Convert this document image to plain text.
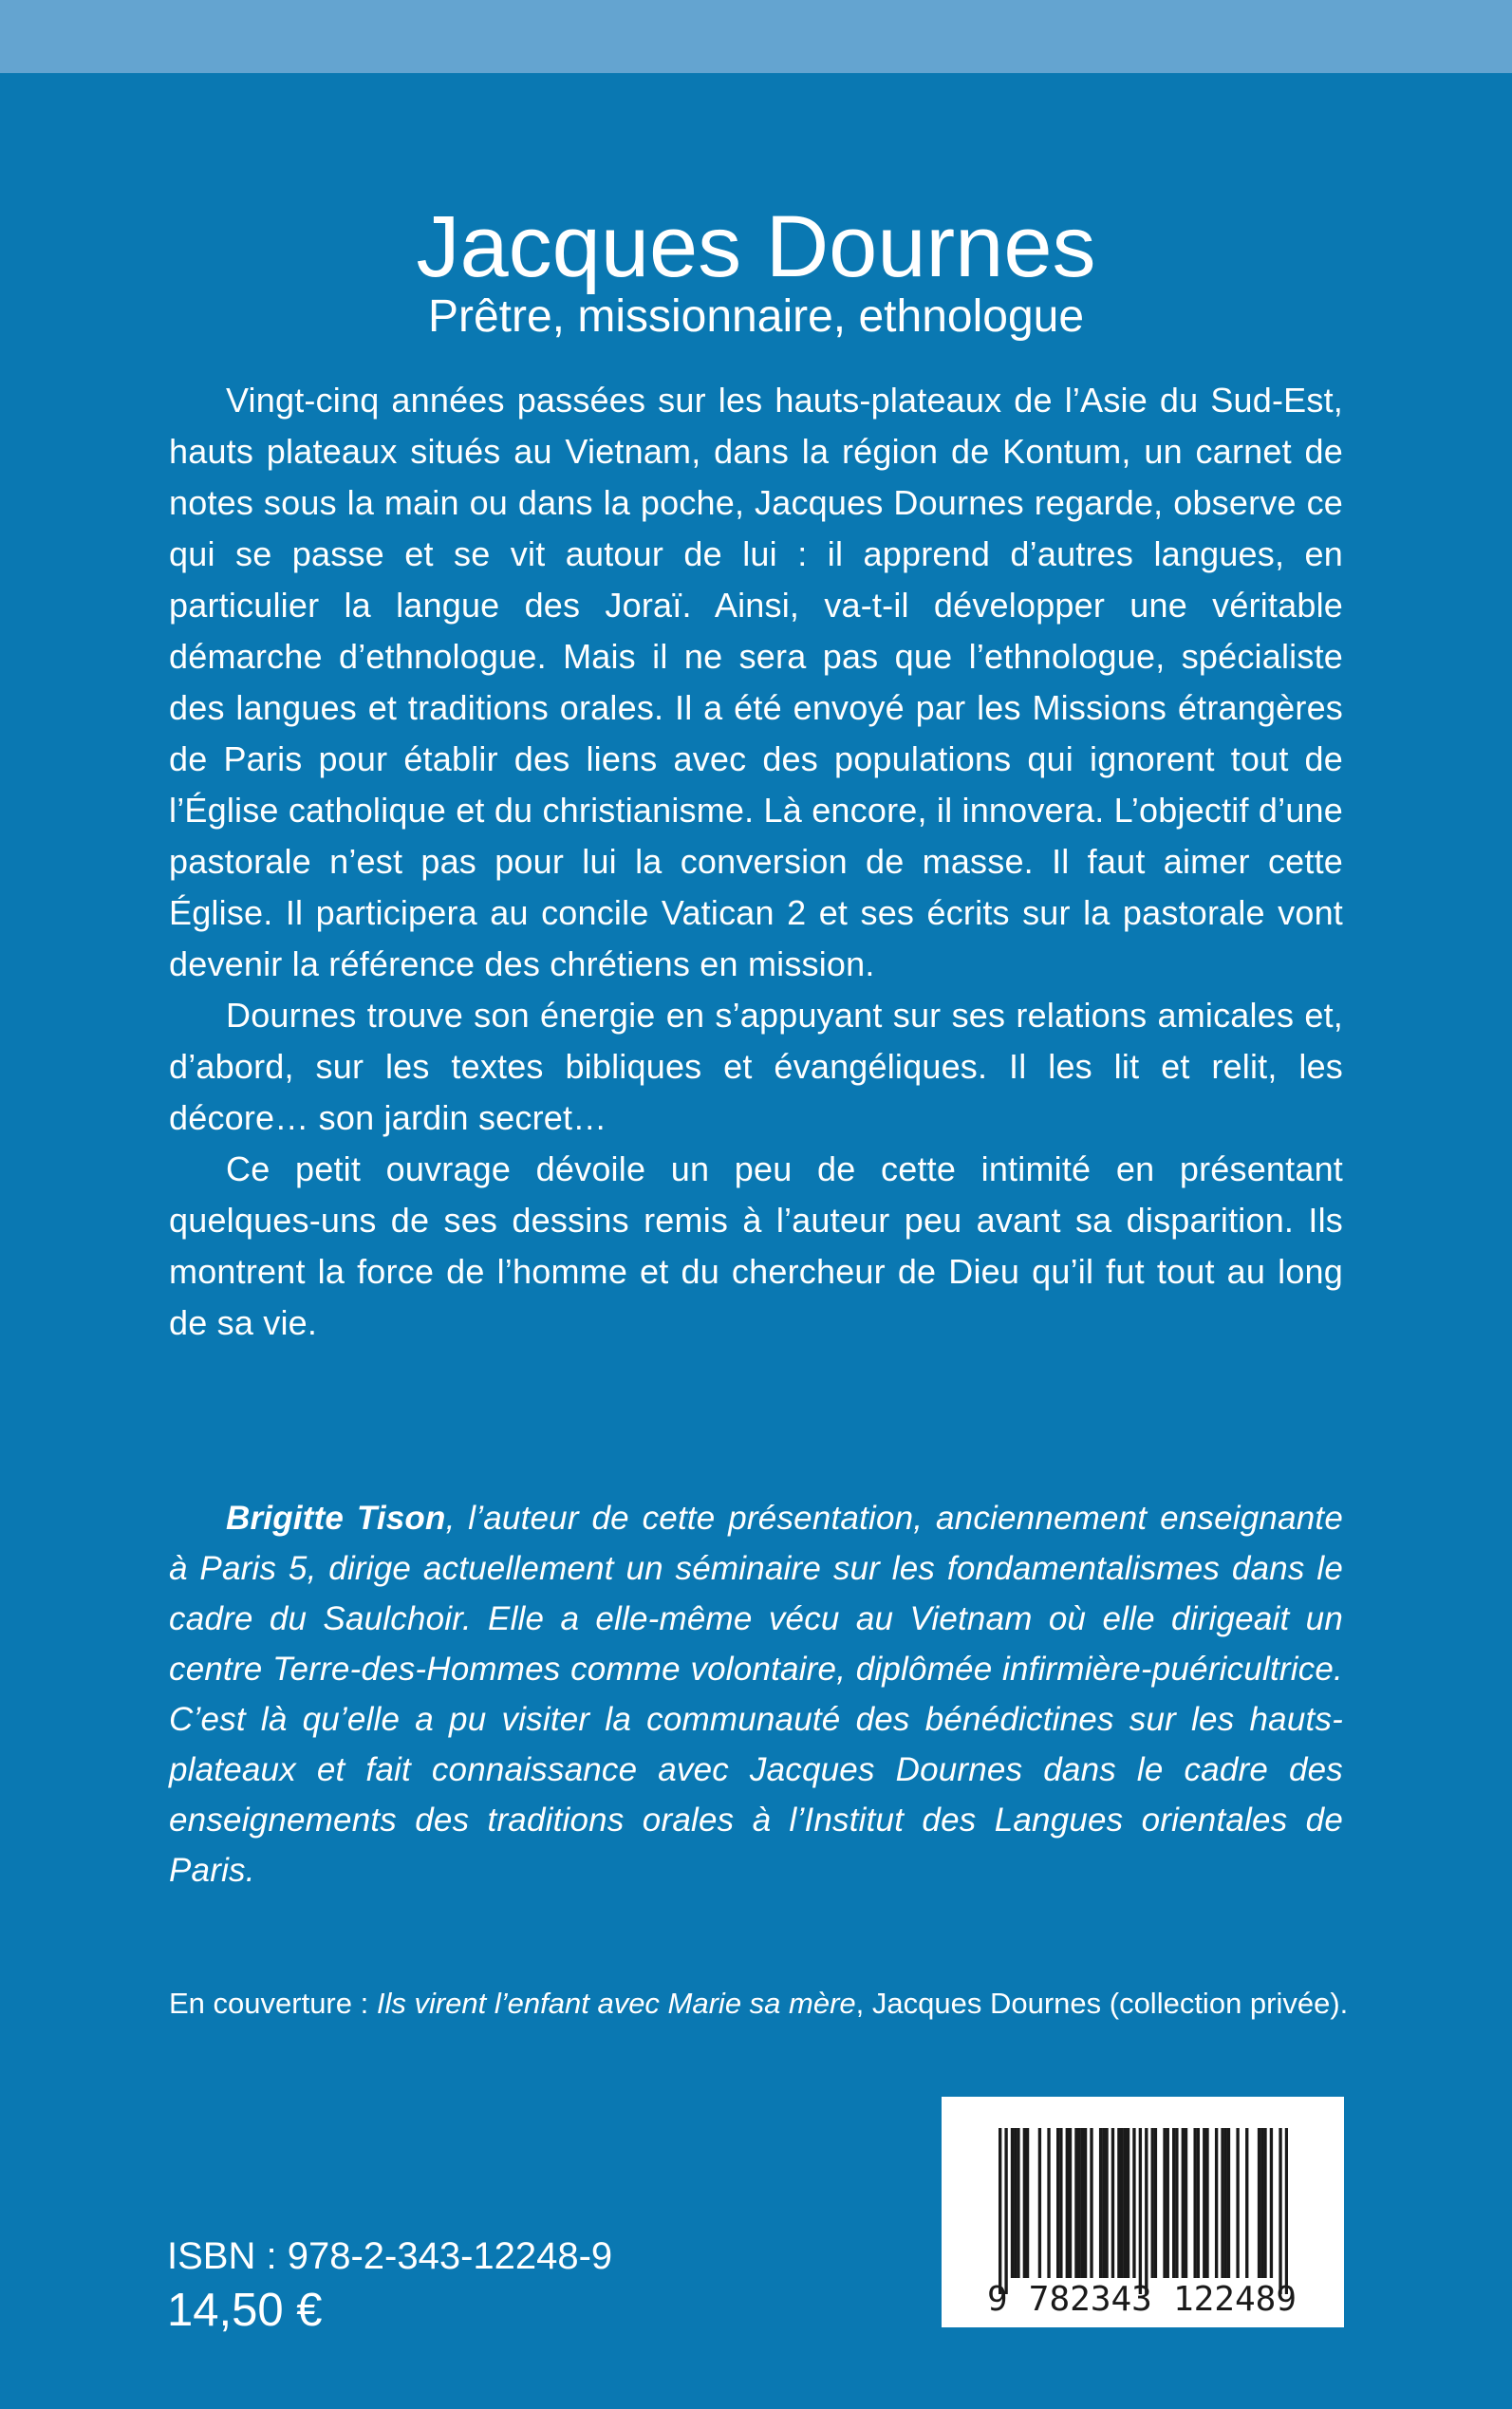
Jacques Dournes
Prêtre, missionnaire, ethnologue

Vingt-cinq années passées sur les hauts-plateaux de l’Asie du Sud-Est, hauts plateaux situés au Vietnam, dans la région de Kontum, un carnet de notes sous la main ou dans la poche, Jacques Dournes regarde, observe ce qui se passe et se vit autour de lui : il apprend d’autres langues, en particulier la langue des Joraï. Ainsi, va-t-il développer une véritable démarche d’ethnologue. Mais il ne sera pas que l’ethnologue, spécialiste des langues et traditions orales. Il a été envoyé par les Missions étrangères de Paris pour établir des liens avec des populations qui ignorent tout de l’Église catholique et du christianisme. Là encore, il innovera. L’objectif d’une pastorale n’est pas pour lui la conversion de masse. Il faut aimer cette Église. Il participera au concile Vatican 2 et ses écrits sur la pastorale vont devenir la référence des chrétiens en mission.

Dournes trouve son énergie en s’appuyant sur ses relations amicales et, d’abord, sur les textes bibliques et évangéliques. Il les lit et relit, les décore… son jardin secret…

Ce petit ouvrage dévoile un peu de cette intimité en présentant quelques-uns de ses dessins remis à l’auteur peu avant sa disparition. Ils montrent la force de l’homme et du chercheur de Dieu qu’il fut tout au long de sa vie.

Brigitte Tison, l’auteur de cette présentation, anciennement enseignante à Paris 5, dirige actuellement un séminaire sur les fondamentalismes dans le cadre du Saulchoir. Elle a elle-même vécu au Vietnam où elle dirigeait un centre Terre-des-Hommes comme volontaire, diplômée infirmière-puéricultrice. C’est là qu’elle a pu visiter la communauté des bénédictines sur les hauts-plateaux et fait connaissance avec Jacques Dournes dans le cadre des enseignements des traditions orales à l’Institut des Langues orientales de Paris.

En couverture : Ils virent l’enfant avec Marie sa mère, Jacques Dournes (collection privée).

ISBN : 978-2-343-12248-9
14,50 €	9 782343 122489
